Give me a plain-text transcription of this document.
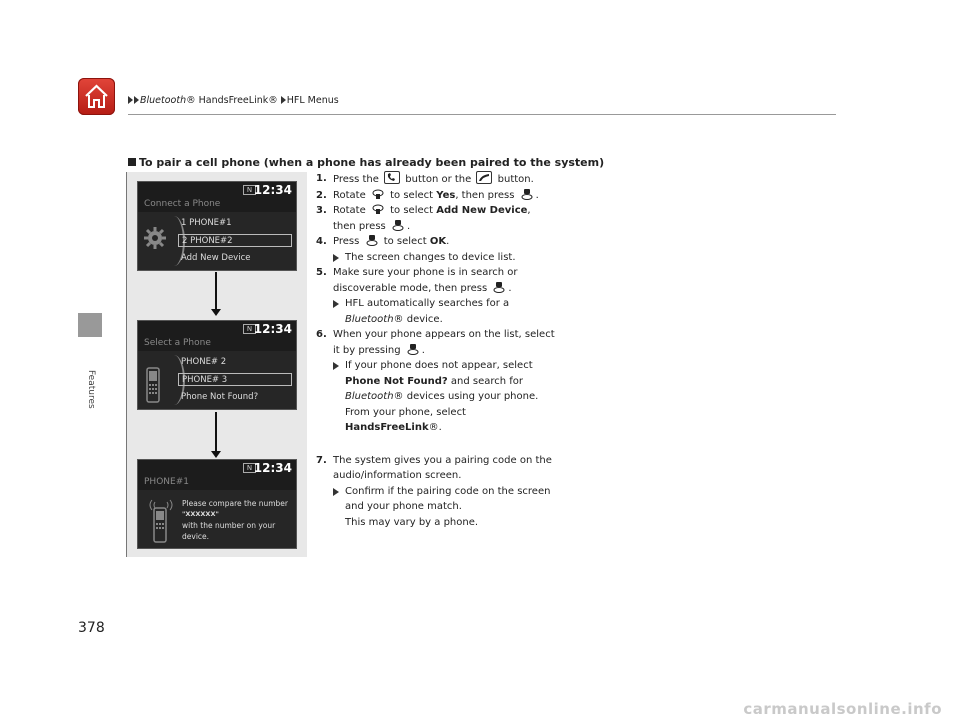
Bluetooth® HandsFreeLink® HFL Menus
Features
378
To pair a cell phone (when a phone has already been paired to the system)
N 12:34
Connect a Phone
1 PHONE#1
2 PHONE#2
Add New Device
N 12:34
Select a Phone
PHONE# 2
PHONE# 3
Phone Not Found?
N 12:34
PHONE#1
Please compare the number
"XXXXXX"
with the number on your device.
1. Press the	button or the	button.
2. Rotate to select Yes, then press .
3. Rotate to select Add New Device,
then press .
4. Press to select OK.
The screen changes to device list.
5. Make sure your phone is in search or
discoverable mode, then press .
HFL automatically searches for a
Bluetooth® device.
6. When your phone appears on the list, select
it by pressing .
If your phone does not appear, select
Phone Not Found? and search for
Bluetooth® devices using your phone.
From your phone, select
HandsFreeLink®.
7. The system gives you a pairing code on the
audio/information screen.
Confirm if the pairing code on the screen
and your phone match.
This may vary by a phone.
carmanualsonline.info
